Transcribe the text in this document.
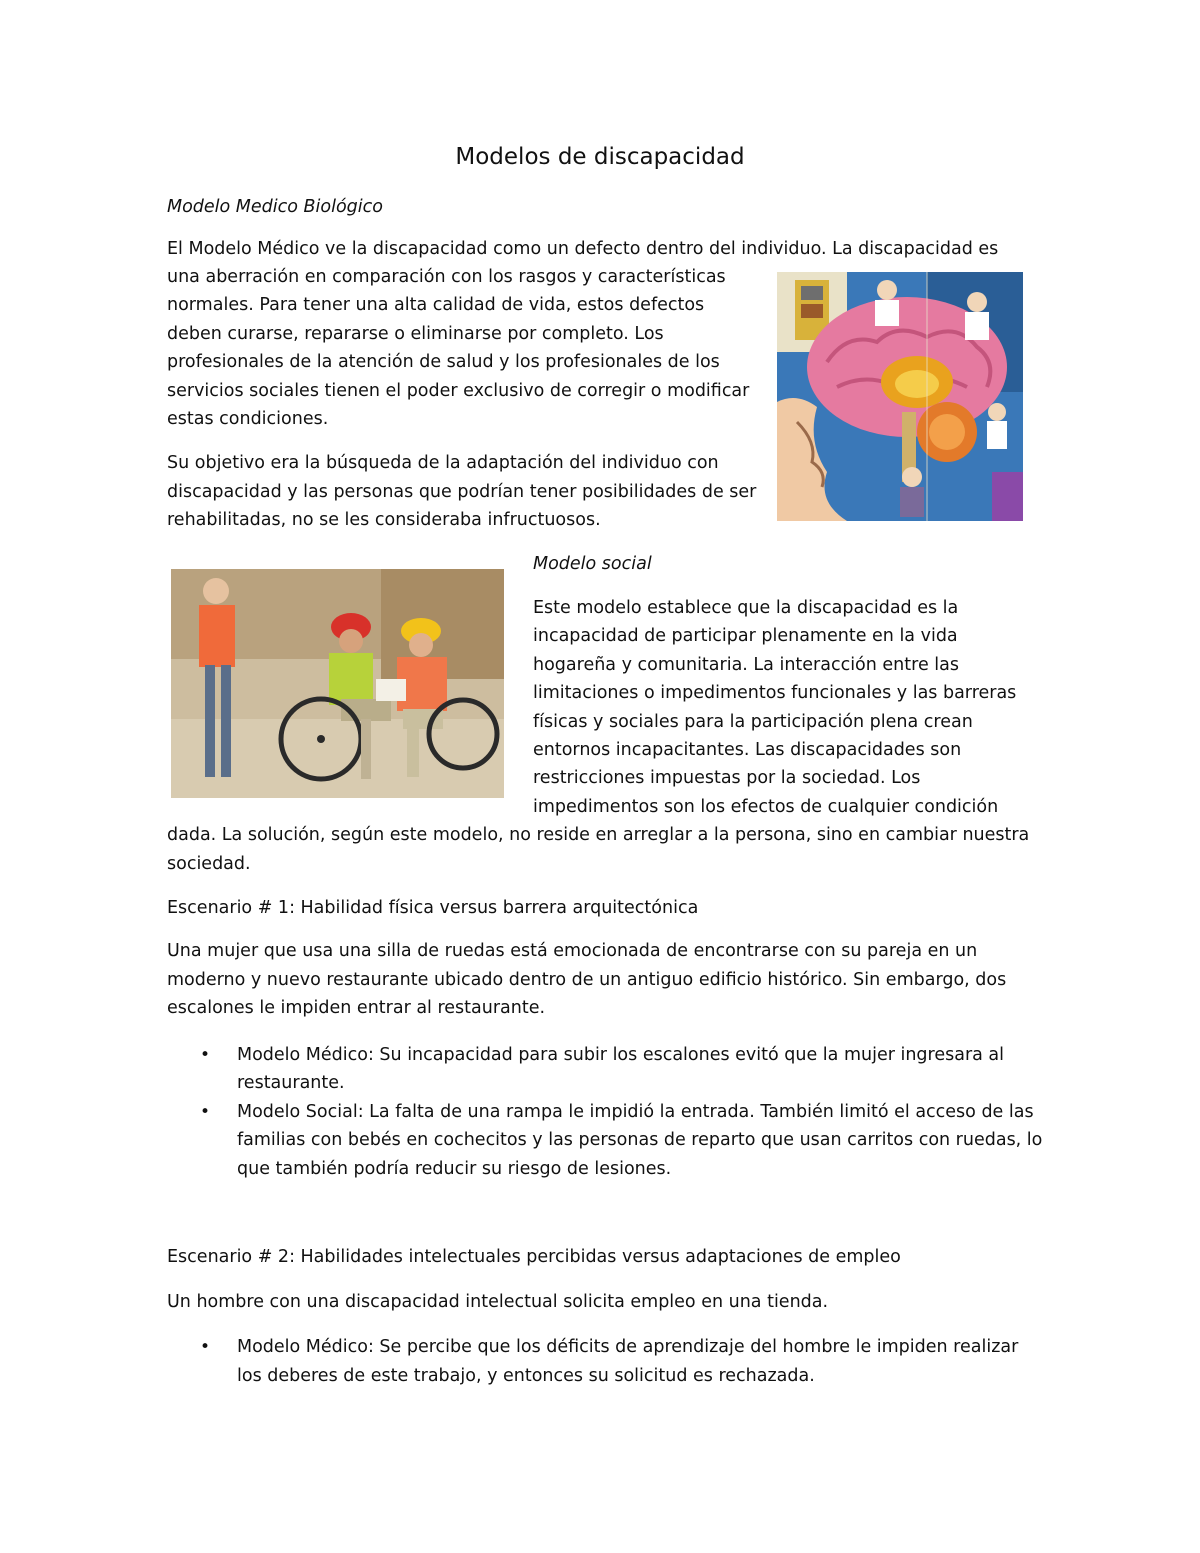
Modelos de discapacidad
Modelo Medico Biológico
El Modelo Médico ve la discapacidad como un defecto dentro del individuo. La discapacidad es
una aberración en comparación con los rasgos y características
normales. Para tener una alta calidad de vida, estos defectos
deben curarse, repararse o eliminarse por completo. Los
profesionales de la atención de salud y los profesionales de los
servicios sociales tienen el poder exclusivo de corregir o modificar
estas condiciones.
Su objetivo era la búsqueda de la adaptación del individuo con
discapacidad y las personas que podrían tener posibilidades de ser
rehabilitadas, no se les consideraba infructuosos.
Modelo social
Este modelo establece que la discapacidad es la
incapacidad de participar plenamente en la vida
hogareña y comunitaria. La interacción entre las
limitaciones o impedimentos funcionales y las barreras
físicas y sociales para la participación plena crean
entornos incapacitantes. Las discapacidades son
restricciones impuestas por la sociedad. Los
impedimentos son los efectos de cualquier condición
dada. La solución, según este modelo, no reside en arreglar a la persona, sino en cambiar nuestra
sociedad.
Escenario # 1: Habilidad física versus barrera arquitectónica
Una mujer que usa una silla de ruedas está emocionada de encontrarse con su pareja en un
moderno y nuevo restaurante ubicado dentro de un antiguo edificio histórico. Sin embargo, dos
escalones le impiden entrar al restaurante.
• Modelo Médico: Su incapacidad para subir los escalones evitó que la mujer ingresara al
restaurante.
• Modelo Social: La falta de una rampa le impidió la entrada. También limitó el acceso de las
familias con bebés en cochecitos y las personas de reparto que usan carritos con ruedas, lo
que también podría reducir su riesgo de lesiones.
Escenario # 2: Habilidades intelectuales percibidas versus adaptaciones de empleo
Un hombre con una discapacidad intelectual solicita empleo en una tienda.
• Modelo Médico: Se percibe que los déficits de aprendizaje del hombre le impiden realizar
los deberes de este trabajo, y entonces su solicitud es rechazada.
